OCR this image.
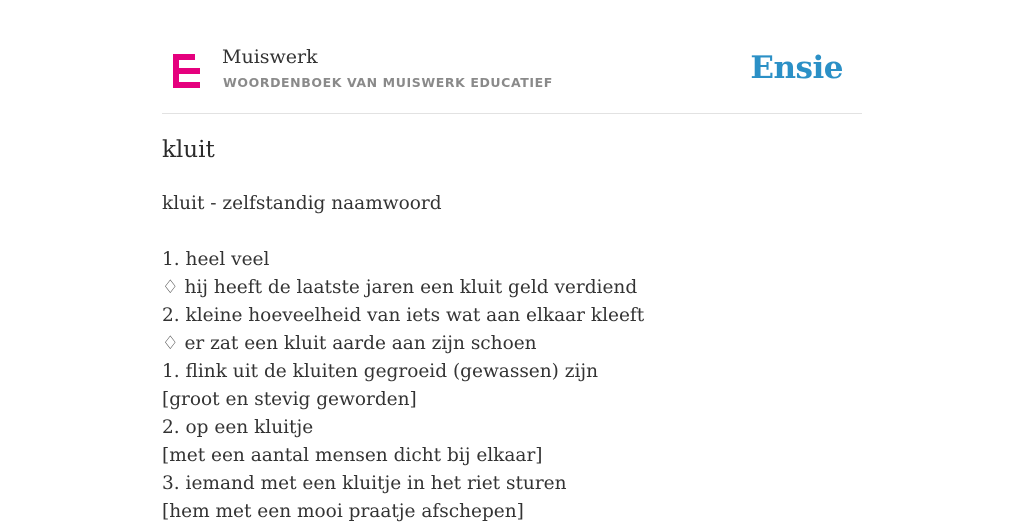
Muiswerk
WOORDENBOEK VAN MUISWERK EDUCATIEF	Ensie
kluit
kluit - zelfstandig naamwoord
1. heel veel
♢ hij heeft de laatste jaren een kluit geld verdiend
2. kleine hoeveelheid van iets wat aan elkaar kleeft
♢ er zat een kluit aarde aan zijn schoen
1. flink uit de kluiten gegroeid (gewassen) zijn
[groot en stevig geworden]
2. op een kluitje
[met een aantal mensen dicht bij elkaar]
3. iemand met een kluitje in het riet sturen
[hem met een mooi praatje afschepen]
